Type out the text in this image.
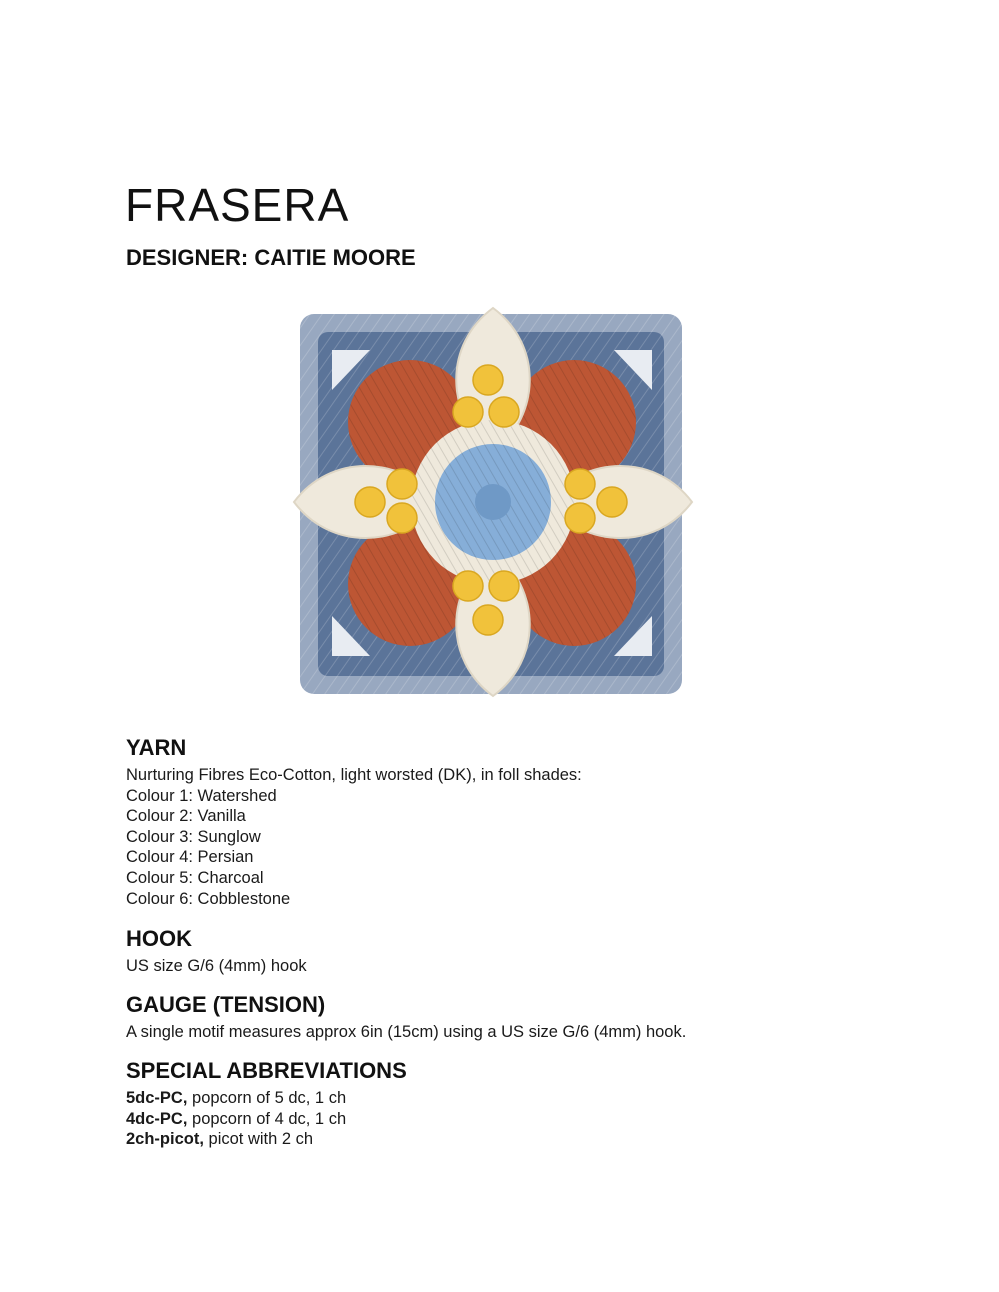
FRASERA
DESIGNER: CAITIE MOORE
YARN
Nurturing Fibres Eco-Cotton, light worsted (DK), in foll shades:
Colour 1: Watershed
Colour 2: Vanilla
Colour 3: Sunglow
Colour 4: Persian
Colour 5: Charcoal
Colour 6: Cobblestone
HOOK
US size G/6 (4mm) hook
GAUGE (TENSION)
A single motif measures approx 6in (15cm) using a US size G/6 (4mm) hook.
SPECIAL ABBREVIATIONS
5dc-PC, popcorn of 5 dc, 1 ch
4dc-PC, popcorn of 4 dc, 1 ch
2ch-picot, picot with 2 ch
